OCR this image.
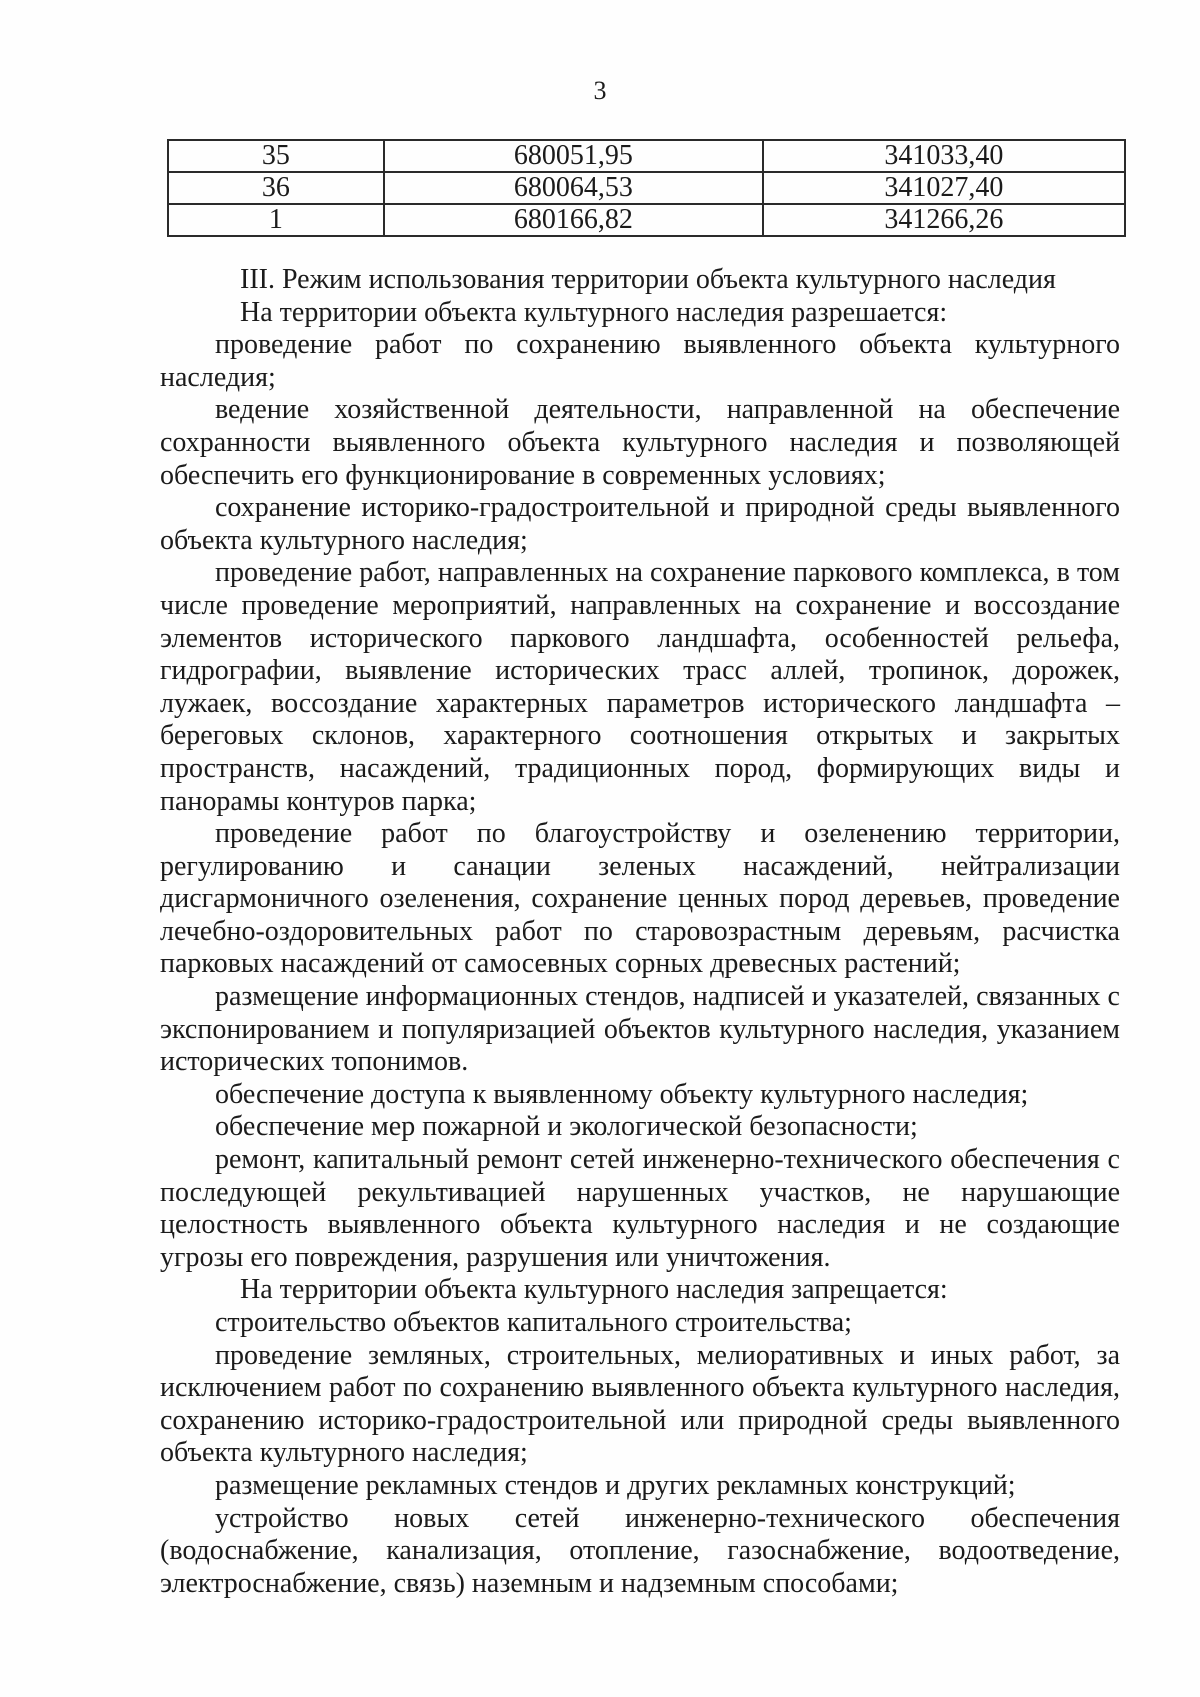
3
35	680051,95	341033,40
36	680064,53	341027,40
1	680166,82	341266,26

III. Режим использования территории объекта культурного наследия

На территории объекта культурного наследия разрешается:

проведение работ по сохранению выявленного объекта культурного наследия;

ведение хозяйственной деятельности, направленной на обеспечение сохранности выявленного объекта культурного наследия и позволяющей обеспечить его функционирование в современных условиях;

сохранение историко-градостроительной и природной среды выявленного объекта культурного наследия;

проведение работ, направленных на сохранение паркового комплекса, в том числе проведение мероприятий, направленных на сохранение и воссоздание элементов исторического паркового ландшафта, особенностей рельефа, гидрографии, выявление исторических трасс аллей, тропинок, дорожек, лужаек, воссоздание характерных параметров исторического ландшафта – береговых склонов, характерного соотношения открытых и закрытых пространств, насаждений, традиционных пород, формирующих виды и панорамы контуров парка;

проведение работ по благоустройству и озеленению территории, регулированию и санации зеленых насаждений, нейтрализации дисгармоничного озеленения, сохранение ценных пород деревьев, проведение лечебно-оздоровительных работ по старовозрастным деревьям, расчистка парковых насаждений от самосевных сорных древесных растений;

размещение информационных стендов, надписей и указателей, связанных с экспонированием и популяризацией объектов культурного наследия, указанием исторических топонимов.

обеспечение доступа к выявленному объекту культурного наследия;

обеспечение мер пожарной и экологической безопасности;

ремонт, капитальный ремонт сетей инженерно-технического обеспечения с последующей рекультивацией нарушенных участков, не нарушающие целостность выявленного объекта культурного наследия и не создающие угрозы его повреждения, разрушения или уничтожения.

На территории объекта культурного наследия запрещается:

строительство объектов капитального строительства;

проведение земляных, строительных, мелиоративных и иных работ, за исключением работ по сохранению выявленного объекта культурного наследия, сохранению историко-градостроительной или природной среды выявленного объекта культурного наследия;

размещение рекламных стендов и других рекламных конструкций;

устройство новых сетей инженерно-технического обеспечения (водоснабжение, канализация, отопление, газоснабжение, водоотведение, электроснабжение, связь) наземным и надземным способами;
